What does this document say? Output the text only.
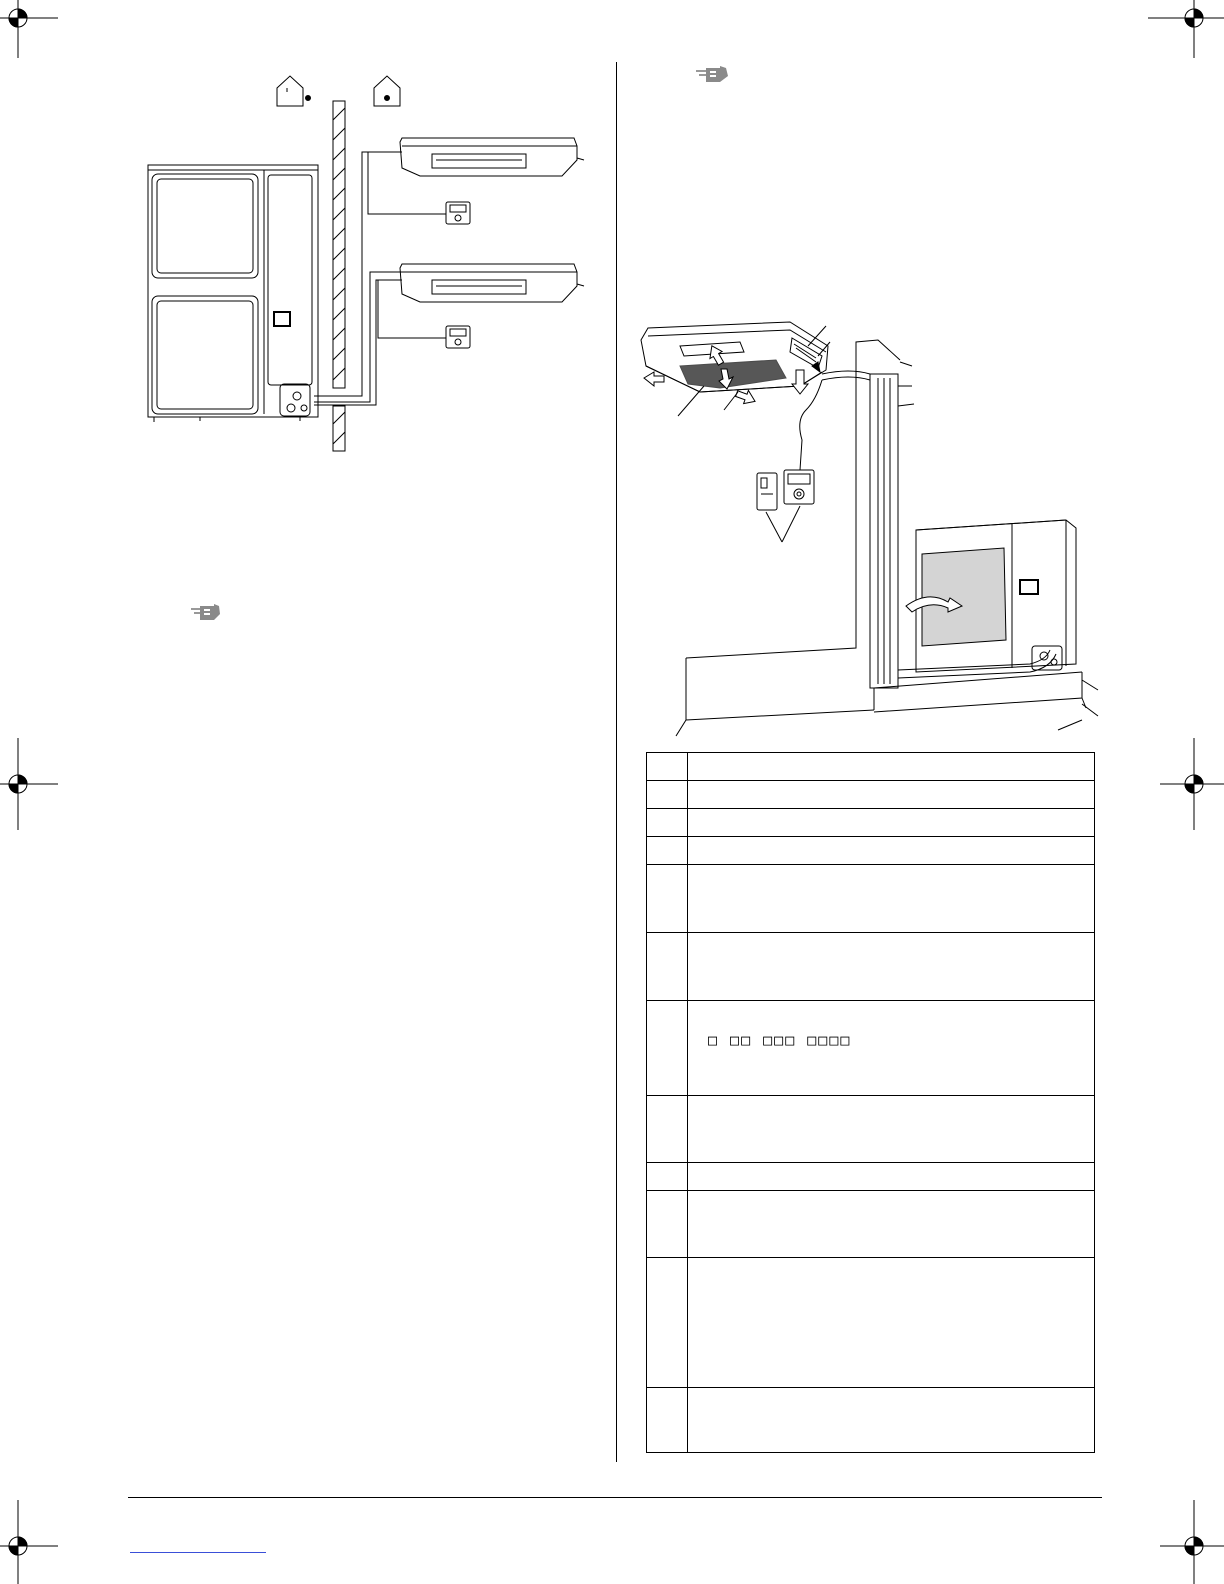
□ □□ □□□ □□□□
